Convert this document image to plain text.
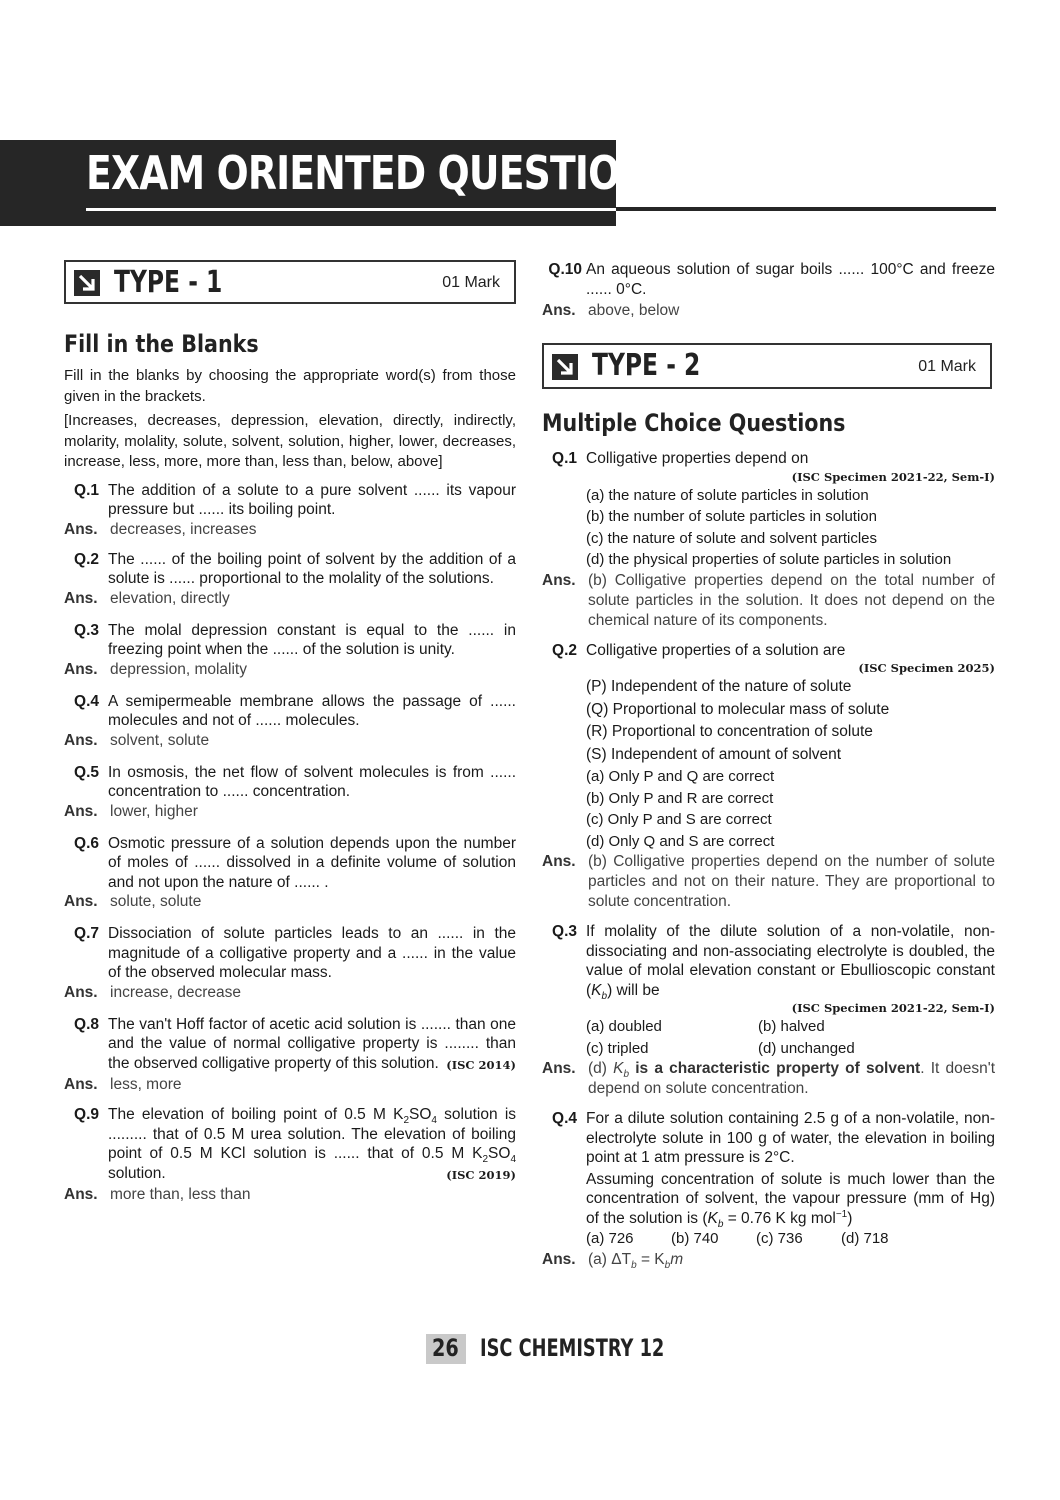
EXAM ORIENTED QUESTIONS
TYPE - 1	01 Mark
Fill in the Blanks
Fill in the blanks by choosing the appropriate word(s) from those given in the brackets.
[Increases, decreases, depression, elevation, directly, indirectly, molarity, molality, solute, solvent, solution, higher, lower, decreases, increase, less, more, more than, less than, below, above]
Q.1 The addition of a solute to a pure solvent ...... its vapour pressure but ...... its boiling point.
Ans. decreases, increases
Q.2 The ...... of the boiling point of solvent by the addition of a solute is ...... proportional to the molality of the solutions.
Ans. elevation, directly
Q.3 The molal depression constant is equal to the ...... in freezing point when the ...... of the solution is unity.
Ans. depression, molality
Q.4 A semipermeable membrane allows the passage of ...... molecules and not of ...... molecules.
Ans. solvent, solute
Q.5 In osmosis, the net flow of solvent molecules is from ...... concentration to ...... concentration.
Ans. lower, higher
Q.6 Osmotic pressure of a solution depends upon the number of moles of ...... dissolved in a definite volume of solution and not upon the nature of ...... .
Ans. solute, solute
Q.7 Dissociation of solute particles leads to an ...... in the magnitude of a colligative property and a ...... in the value of the observed molecular mass.
Ans. increase, decrease
Q.8 The van't Hoff factor of acetic acid solution is ....... than one and the value of normal colligative property is ........ than the observed colligative property of this solution. (ISC 2014)
Ans. less, more
Q.9 The elevation of boiling point of 0.5 M $K_2SO_4$ solution is ......... that of 0.5 M urea solution. The elevation of boiling point of 0.5 M KCl solution is ...... that of 0.5 M $K_2SO_4$ solution.	(ISC 2019)
Ans. more than, less than
Q.10 An aqueous solution of sugar boils ...... 100°C and freeze ...... 0°C.
Ans. above, below
TYPE - 2	01 Mark
Multiple Choice Questions
Q.1 Colligative properties depend on
(ISC Specimen 2021-22, Sem-I)
(a) the nature of solute particles in solution
(b) the number of solute particles in solution
(c) the nature of solute and solvent particles
(d) the physical properties of solute particles in solution
Ans. (b) Colligative properties depend on the total number of solute particles in the solution. It does not depend on the chemical nature of its components.
Q.2 Colligative properties of a solution are
(ISC Specimen 2025)
(P) Independent of the nature of solute
(Q) Proportional to molecular mass of solute
(R) Proportional to concentration of solute
(S) Independent of amount of solvent
(a) Only P and Q are correct
(b) Only P and R are correct
(c) Only P and S are correct
(d) Only Q and S are correct
Ans. (b) Colligative properties depend on the number of solute particles and not on their nature. They are proportional to solute concentration.
Q.3 If molality of the dilute solution of a non-volatile, non-dissociating and non-associating electrolyte is doubled, the value of molal elevation constant or Ebullioscopic constant $(K_b)$ will be
(ISC Specimen 2021-22, Sem-I)
(a) doubled	(b) halved
(c) tripled	(d) unchanged
Ans. (d) $K_b$ is a characteristic property of solvent. It doesn't depend on solute concentration.
Q.4 For a dilute solution containing 2.5 g of a non-volatile, non-electrolyte solute in 100 g of water, the elevation in boiling point at 1 atm pressure is 2°C.
Assuming concentration of solute is much lower than the concentration of solvent, the vapour pressure (mm of Hg) of the solution is ($K_b = 0.76$ K kg mol$^{-1}$)
(a) 726	(b) 740	(c) 736	(d) 718
Ans. (a) $\Delta T_b = K_bm$
26 ISC CHEMISTRY 12
